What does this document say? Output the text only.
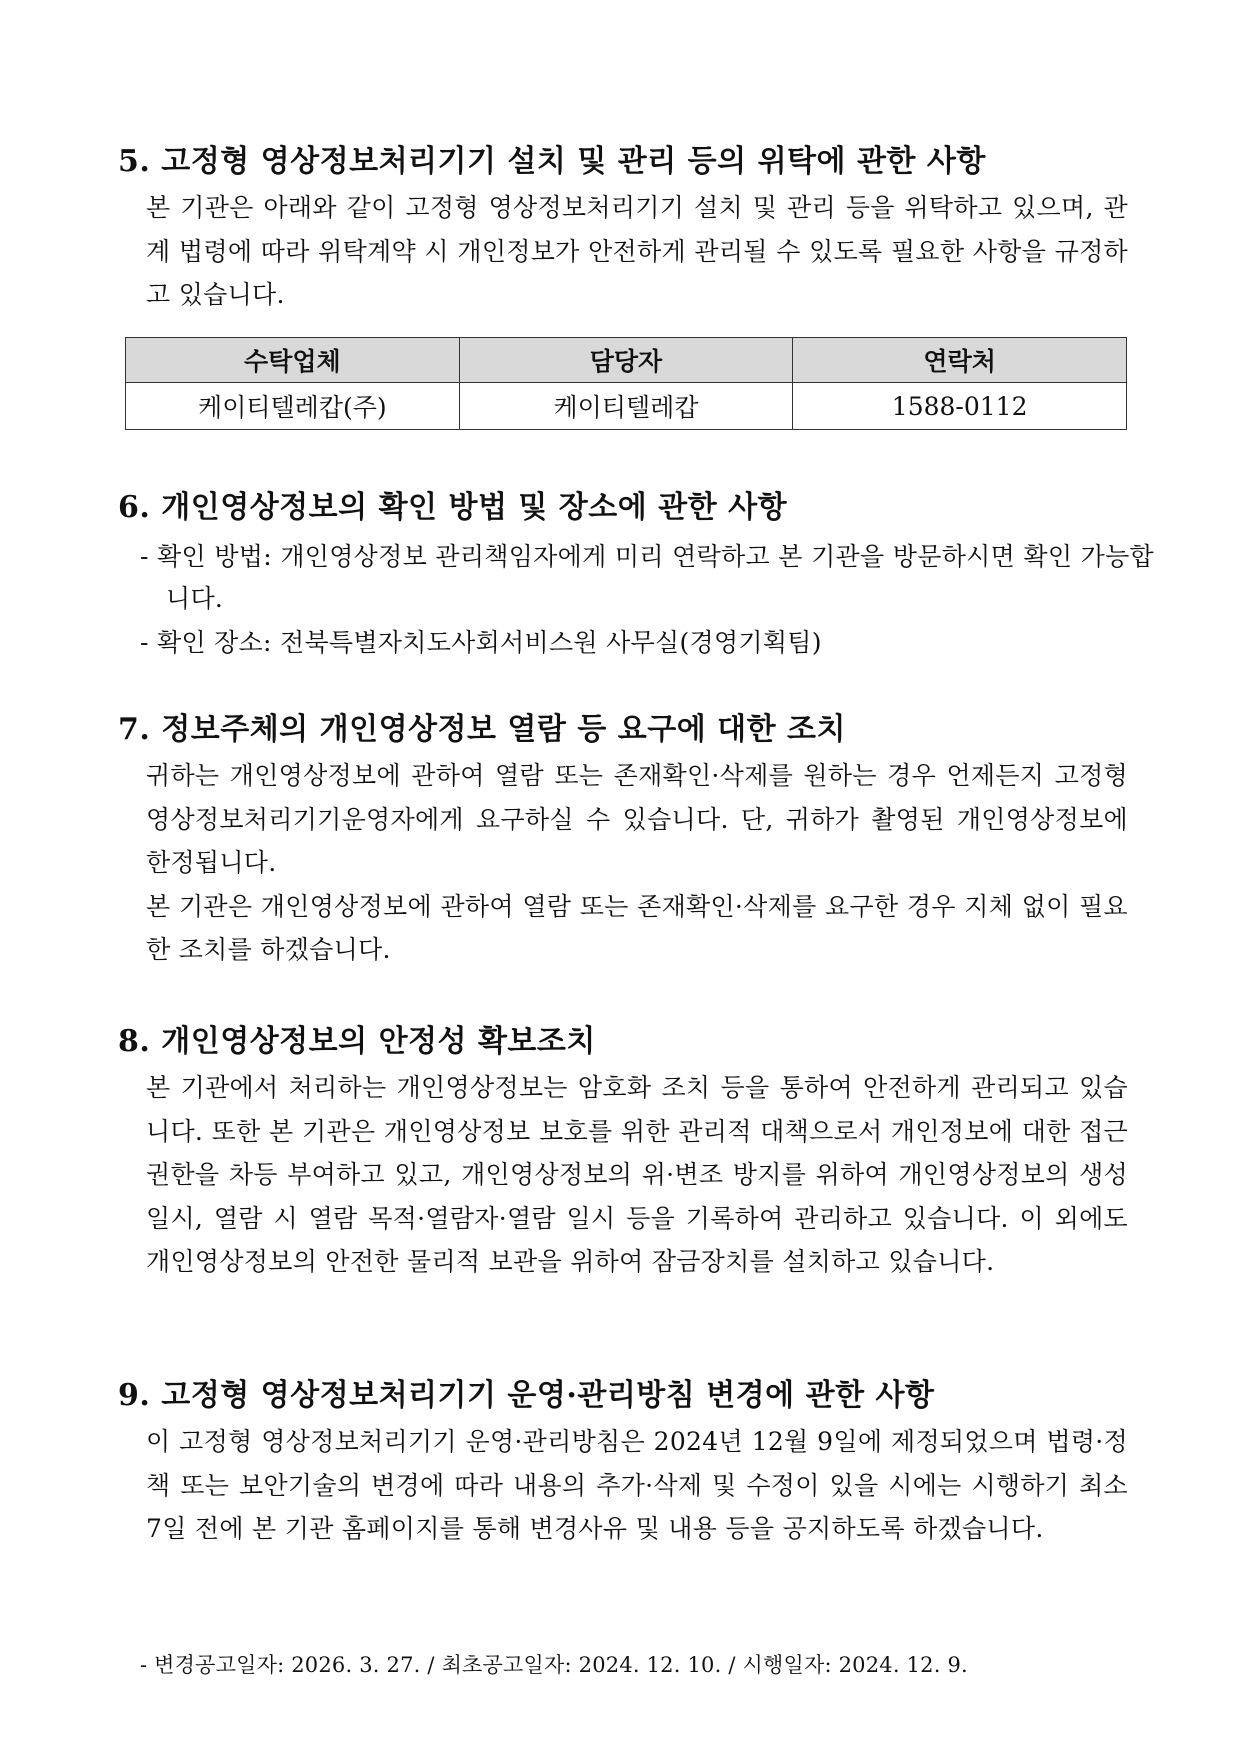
5. 고정형 영상정보처리기기 설치 및 관리 등의 위탁에 관한 사항

본 기관은 아래와 같이 고정형 영상정보처리기기 설치 및 관리 등을 위탁하고 있으며, 관계 법령에 따라 위탁계약 시 개인정보가 안전하게 관리될 수 있도록 필요한 사항을 규정하고 있습니다.

수탁업체	담당자	연락처
케이티텔레캅(주)	케이티텔레캅	1588-0112
6. 개인영상정보의 확인 방법 및 장소에 관한 사항

- 확인 방법: 개인영상정보 관리책임자에게 미리 연락하고 본 기관을 방문하시면 확인 가능합니다.

- 확인 장소: 전북특별자치도사회서비스원 사무실(경영기획팀)

7. 정보주체의 개인영상정보 열람 등 요구에 대한 조치

귀하는 개인영상정보에 관하여 열람 또는 존재확인·삭제를 원하는 경우 언제든지 고정형영상정보처리기기운영자에게 요구하실 수 있습니다. 단, 귀하가 촬영된 개인영상정보에 한정됩니다.

본 기관은 개인영상정보에 관하여 열람 또는 존재확인·삭제를 요구한 경우 지체 없이 필요한 조치를 하겠습니다.

8. 개인영상정보의 안정성 확보조치

본 기관에서 처리하는 개인영상정보는 암호화 조치 등을 통하여 안전하게 관리되고 있습니다. 또한 본 기관은 개인영상정보 보호를 위한 관리적 대책으로서 개인정보에 대한 접근 권한을 차등 부여하고 있고, 개인영상정보의 위·변조 방지를 위하여 개인영상정보의 생성 일시, 열람 시 열람 목적·열람자·열람 일시 등을 기록하여 관리하고 있습니다. 이 외에도 개인영상정보의 안전한 물리적 보관을 위하여 잠금장치를 설치하고 있습니다.

9. 고정형 영상정보처리기기 운영·관리방침 변경에 관한 사항

이 고정형 영상정보처리기기 운영·관리방침은 2024년 12월 9일에 제정되었으며 법령·정책 또는 보안기술의 변경에 따라 내용의 추가·삭제 및 수정이 있을 시에는 시행하기 최소 7일 전에 본 기관 홈페이지를 통해 변경사유 및 내용 등을 공지하도록 하겠습니다.

- 변경공고일자: 2026. 3. 27. / 최초공고일자: 2024. 12. 10. / 시행일자: 2024. 12. 9.
